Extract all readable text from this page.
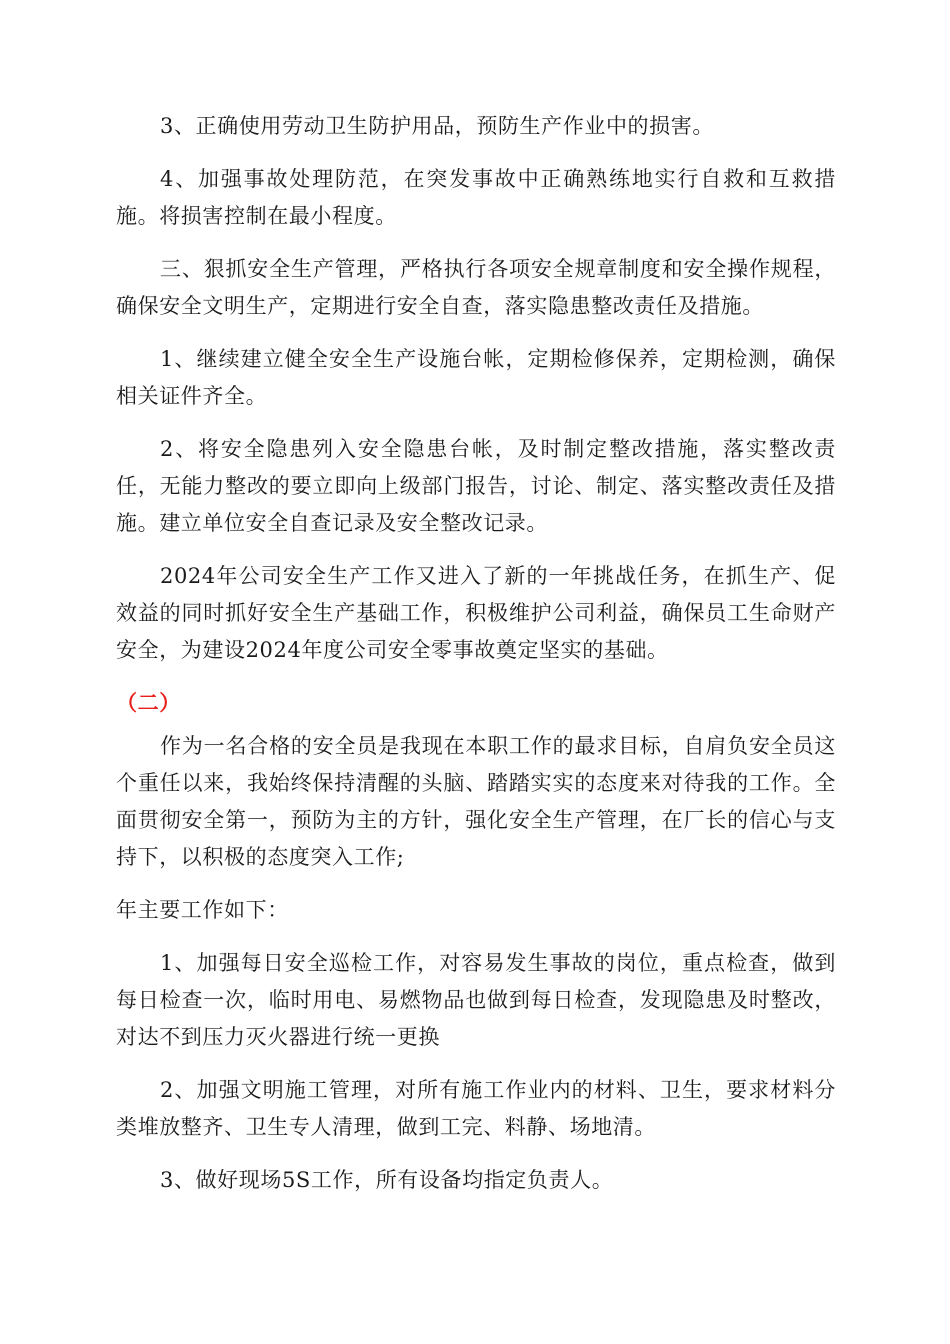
3、正确使用劳动卫生防护用品，预防生产作业中的损害。

4、加强事故处理防范，在突发事故中正确熟练地实行自救和互救措施。将损害控制在最小程度。

三、狠抓安全生产管理，严格执行各项安全规章制度和安全操作规程，确保安全文明生产，定期进行安全自查，落实隐患整改责任及措施。

1、继续建立健全安全生产设施台帐，定期检修保养，定期检测，确保相关证件齐全。

2、将安全隐患列入安全隐患台帐，及时制定整改措施，落实整改责任，无能力整改的要立即向上级部门报告，讨论、制定、落实整改责任及措施。建立单位安全自查记录及安全整改记录。

2024年公司安全生产工作又进入了新的一年挑战任务，在抓生产、促效益的同时抓好安全生产基础工作，积极维护公司利益，确保员工生命财产安全，为建设2024年度公司安全零事故奠定坚实的基础。

（二）

作为一名合格的安全员是我现在本职工作的最求目标，自肩负安全员这个重任以来，我始终保持清醒的头脑、踏踏实实的态度来对待我的工作。全面贯彻安全第一，预防为主的方针，强化安全生产管理，在厂长的信心与支持下，以积极的态度突入工作;

年主要工作如下：

1、加强每日安全巡检工作，对容易发生事故的岗位，重点检查，做到每日检查一次，临时用电、易燃物品也做到每日检查，发现隐患及时整改，对达不到压力灭火器进行统一更换

2、加强文明施工管理，对所有施工作业内的材料、卫生，要求材料分类堆放整齐、卫生专人清理，做到工完、料静、场地清。

3、做好现场5S工作，所有设备均指定负责人。
